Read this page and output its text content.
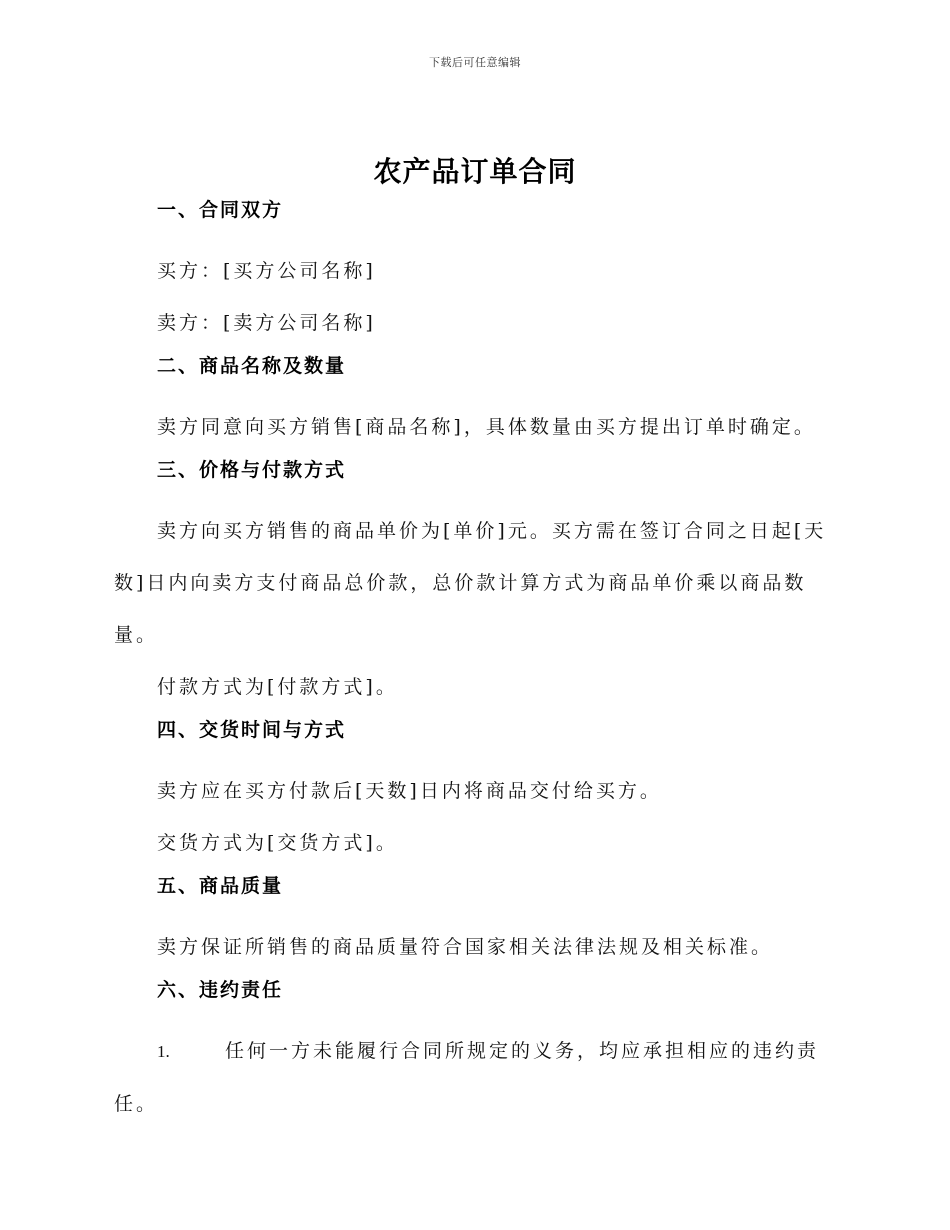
下载后可任意编辑
农产品订单合同
一、合同双方

买方：[买方公司名称]

卖方：[卖方公司名称]

二、商品名称及数量

卖方同意向买方销售[商品名称]，具体数量由买方提出订单时确定。

三、价格与付款方式

卖方向买方销售的商品单价为[单价]元。买方需在签订合同之日起[天数]日内向卖方支付商品总价款，总价款计算方式为商品单价乘以商品数量。

付款方式为[付款方式]。

四、交货时间与方式

卖方应在买方付款后[天数]日内将商品交付给买方。

交货方式为[交货方式]。

五、商品质量

卖方保证所销售的商品质量符合国家相关法律法规及相关标准。

六、违约责任

1.	任何一方未能履行合同所规定的义务，均应承担相应的违约责任。
